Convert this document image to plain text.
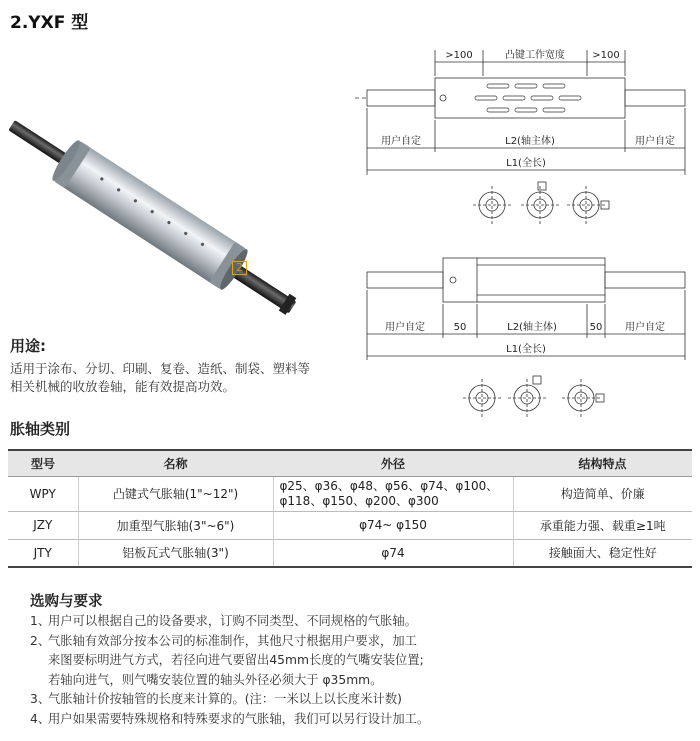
2.YXF 型
2
用途:
适用于涂布、分切、印刷、复卷、造纸、制袋、塑料等
相关机械的收放卷轴，能有效提高功效。
>100	凸键工作宽度	>100
用户自定	L2(轴主体)	用户自定
L1(全长)
用户自定	50	L2(轴主体)	50 用户自定
L1(全长)
胀轴类别
型号	名称	外径	结构特点
WPY	凸键式气胀轴(1"~12")	φ25、φ36、φ48、φ56、φ74、φ100、
φ118、φ150、φ200、φ300	构造简单、价廉
JZY	加重型气胀轴(3"~6")	φ74~ φ150	承重能力强、载重≥1吨
JTY	铝板瓦式气胀轴(3")	φ74	接触面大、稳定性好
选购与要求
1、用户可以根据自己的设备要求，订购不同类型、不同规格的气胀轴。
2、气胀轴有效部分按本公司的标准制作，其他尺寸根据用户要求，加工
来图要标明进气方式，若径向进气要留出45mm长度的气嘴安装位置;
若轴向进气，则气嘴安装位置的轴头外径必须大于 φ35mm。
3、气胀轴计价按轴管的长度来计算的。(注：一米以上以长度米计数)
4、用户如果需要特殊规格和特殊要求的气胀轴，我们可以另行设计加工。
